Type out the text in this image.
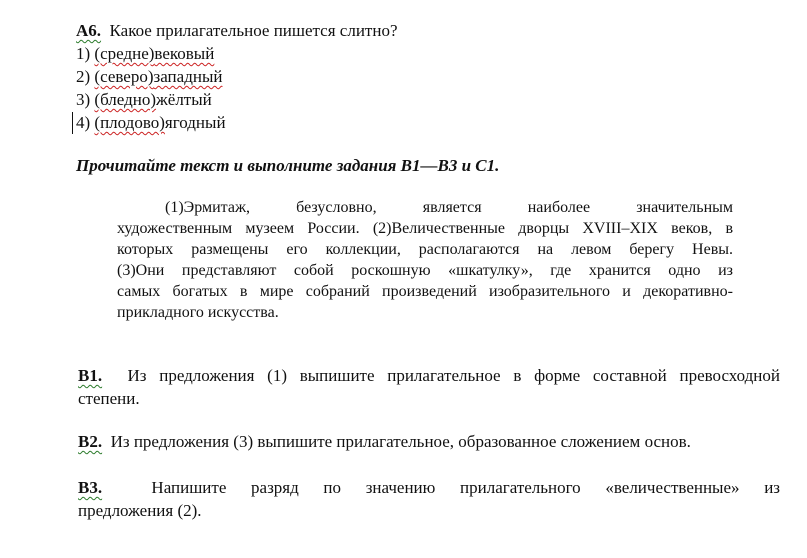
А6. Какое прилагательное пишется слитно?
1) (средне)вековый
2) (северо)западный
3) (бледно)жёлтый
4) (плодово)ягодный
Прочитайте текст и выполните задания В1—В3 и С1.
(1)Эрмитаж, безусловно, является наиболее значительным
художественным музеем России. (2)Величественные дворцы XVIII–XIX веков, в
которых размещены его коллекции, располагаются на левом берегу Невы.
(3)Они представляют собой роскошную «шкатулку», где хранится одно из
самых богатых в мире собраний произведений изобразительного и декоративно-
прикладного искусства.
В1. Из предложения (1) выпишите прилагательное в форме составной превосходной
степени.
В2. Из предложения (3) выпишите прилагательное, образованное сложением основ.
В3.	Напишите разряд по значению прилагательного «величественные» из
предложения (2).
